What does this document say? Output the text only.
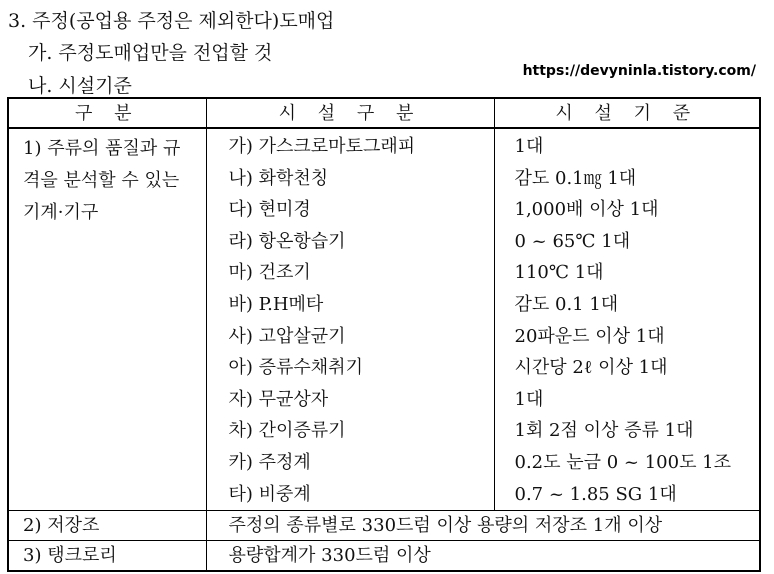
3. 주정(공업용 주정은 제외한다)도매업
가. 주정도매업만을 전업할 것
나. 시설기준
https://devyninla.tistory.com/
구 분	시 설 구 분	시 설 기 준
1) 주류의 품질과 규격을 분석할 수 있는 기계·기구	가) 가스크로마토그래피	1대
	나) 화학천칭	감도 0.1㎎ 1대
	다) 현미경	1,000배 이상 1대
	라) 항온항습기	0 ~ 65℃ 1대
	마) 건조기	110℃ 1대
	바) P.H메타	감도 0.1 1대
	사) 고압살균기	20파운드 이상 1대
	아) 증류수채취기	시간당 2ℓ 이상 1대
	자) 무균상자	1대
	차) 간이증류기	1회 2점 이상 증류 1대
	카) 주정계	0.2도 눈금 0 ~ 100도 1조
	타) 비중계	0.7 ~ 1.85 SG 1대
2) 저장조	주정의 종류별로 330드럼 이상 용량의 저장조 1개 이상	
3) 탱크로리	용량합계가 330드럼 이상	
